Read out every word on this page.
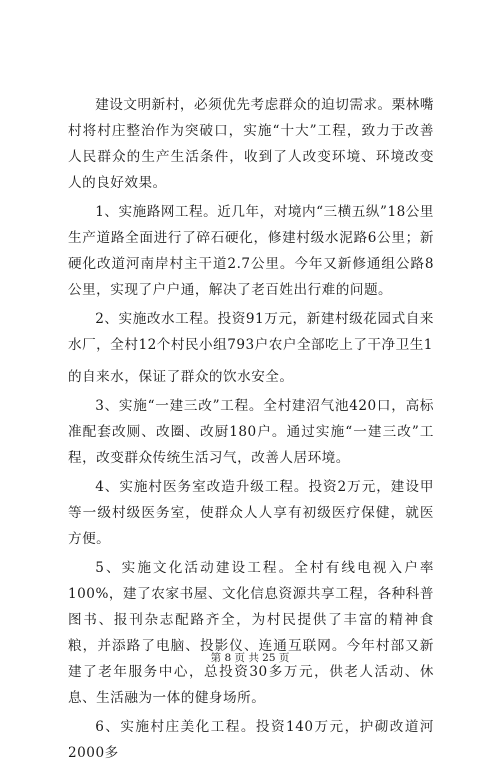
建设文明新村，必须优先考虑群众的迫切需求。栗林嘴村将村庄整治作为突破口，实施“十大”工程，致力于改善人民群众的生产生活条件，收到了人改变环境、环境改变人的良好效果。

1、实施路网工程。近几年，对境内“三横五纵”18公里生产道路全面进行了碎石硬化，修建村级水泥路6公里；新硬化改道河南岸村主干道2.7公里。今年又新修通组公路8公里，实现了户户通，解决了老百姓出行难的问题。

2、实施改水工程。投资91万元，新建村级花园式自来水厂，全村12个村民小组793户农户全部吃上了干净卫生1

的自来水，保证了群众的饮水安全。

3、实施“一建三改”工程。全村建沼气池420口，高标准配套改厕、改圈、改厨180户。通过实施“一建三改”工程，改变群众传统生活习气，改善人居环境。

4、实施村医务室改造升级工程。投资2万元，建设甲等一级村级医务室，使群众人人享有初级医疗保健，就医方便。

5、实施文化活动建设工程。全村有线电视入户率100%，建了农家书屋、文化信息资源共享工程，各种科普图书、报刊杂志配路齐全，为村民提供了丰富的精神食粮，并添路了电脑、投影仪、连通互联网。今年村部又新建了老年服务中心，总投资30多万元，供老人活动、休息、生活融为一体的健身场所。

6、实施村庄美化工程。投资140万元，护砌改道河2000多

第 8 页 共 25 页
